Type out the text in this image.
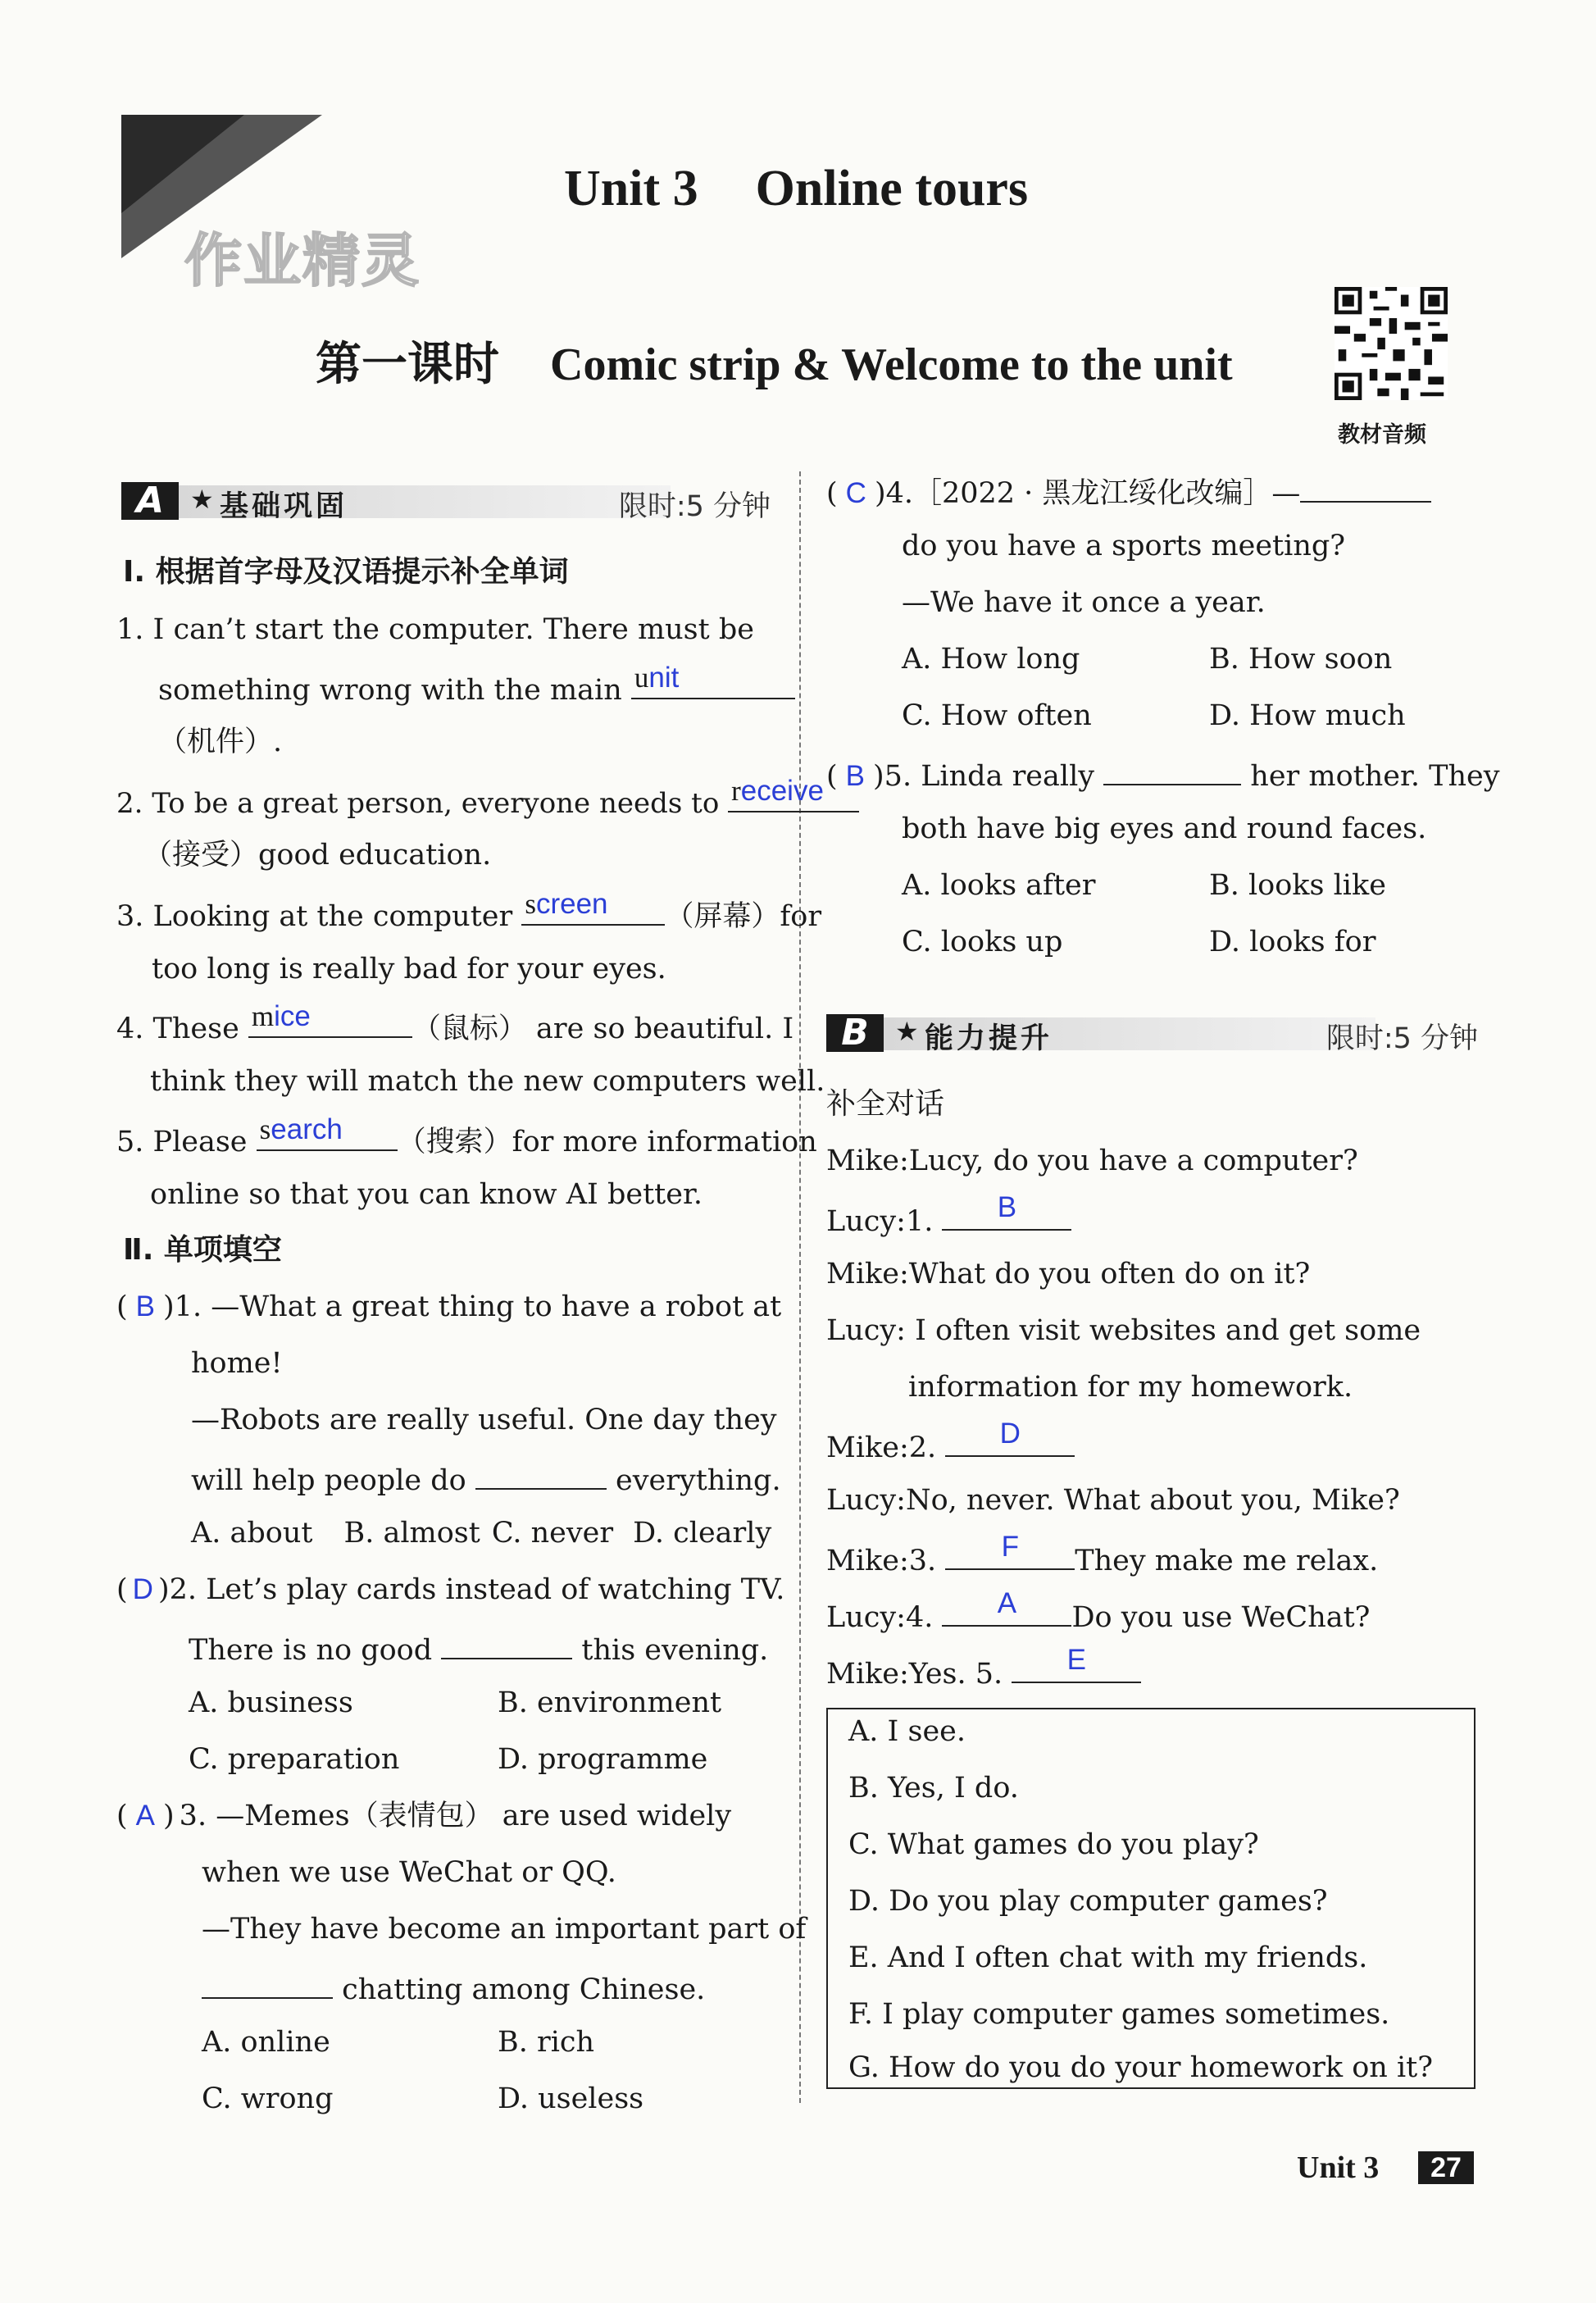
作业精灵
Unit 3 Online tours
第一课时 Comic strip & Welcome to the unit
教材音频
A ★ 基础巩固	限时:5 分钟
Ⅰ. 根据首字母及汉语提示补全单词
1. I can’t start the computer. There must be
something wrong with the main unit
（机件）.
2. To be a great person, everyone needs to receive
（接受）good education.
3. Looking at the computer screen （屏幕）for
too long is really bad for your eyes.
4. These mice	（鼠标） are so beautiful. I
think they will match the new computers well.
5. Please search （搜索）for more information
online so that you can know AI better.
Ⅱ. 单项填空
( B )1. —What a great thing to have a robot at
home!
—Robots are really useful. One day they
will help people do	everything.
A. about B. almost C. never D. clearly
( D )2. Let’s play cards instead of watching TV.
There is no good	this evening.
A. business	B. environment
C. preparation	D. programme
( A ) 3. —Memes（表情包） are used widely
when we use WeChat or QQ.
—They have become an important part of
chatting among Chinese.
A. online	B. rich
C. wrong	D. useless
( C )4.［2022 · 黑龙江绥化改编］—
do you have a sports meeting?
—We have it once a year.
A. How long	B. How soon
C. How often	D. How much
( B )5. Linda really	her mother. They
both have big eyes and round faces.
A. looks after	B. looks like
C. looks up	D. looks for
B	★ 能力提升	限时:5 分钟
补全对话
Mike:Lucy, do you have a computer?
Lucy:1.	B
Mike:What do you often do on it?
Lucy: I often visit websites and get some
information for my homework.
Mike:2.	D
Lucy:No, never. What about you, Mike?
Mike:3.	F	They make me relax.
Lucy:4.	A	Do you use WeChat?
Mike:Yes. 5.	E
A. I see.
B. Yes, I do.
C. What games do you play?
D. Do you play computer games?
E. And I often chat with my friends.
F. I play computer games sometimes.
G. How do you do your homework on it?
Unit 3	27
